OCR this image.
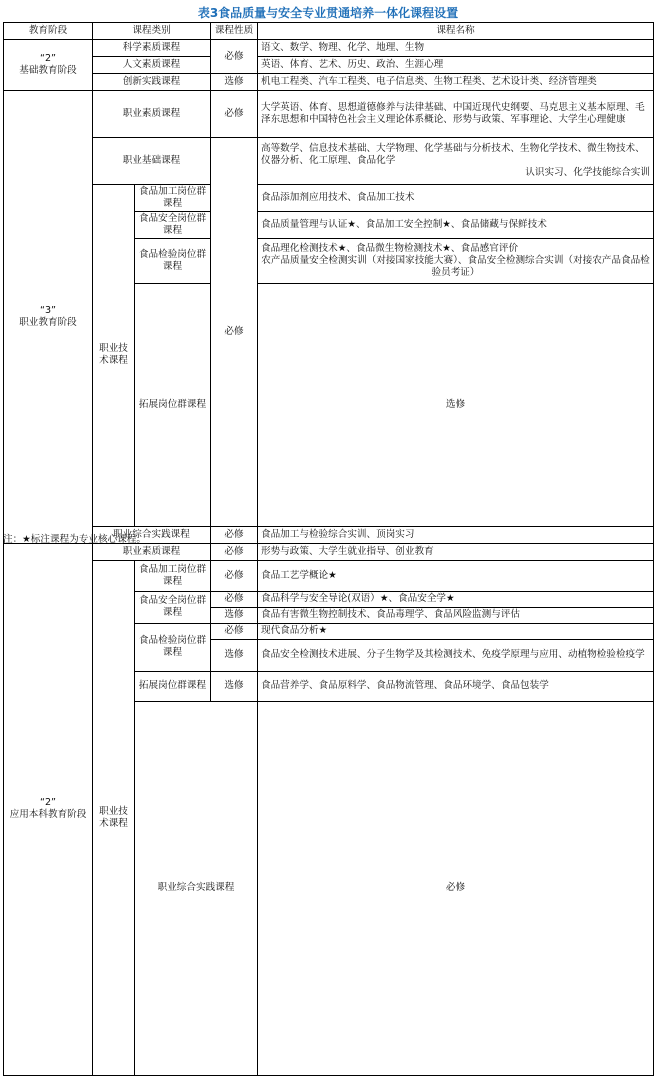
表3食品质量与安全专业贯通培养一体化课程设置
教育阶段	课程类别		课程性质	课程名称	

“2”
基础教育阶段	科学素质课程		必修	语文、数学、物理、化学、地理、生物	
	人文素质课程			英语、体育、艺术、历史、政治、生涯心理	
	创新实践课程		选修	机电工程类、汽车工程类、电子信息类、生物工程类、艺术设计类、经济管理类	

“3”
职业教育阶段	职业素质课程		必修	大学英语、体育、思想道德修养与法律基础、中国近现代史纲要、马克思主义基本原理、毛泽东思想和中国特色社会主义理论体系概论、形势与政策、军事理论、大学生心理健康	
	职业基础课程		必修	高等数学、信息技术基础、大学物理、化学基础与分析技术、生物化学技术、微生物技术、仪器分析、化工原理、食品化学
认识实习、化学技能综合实训	

	职业技术课程	食品加工岗位群课程		食品添加剂应用技术、食品加工技术	
		食品安全岗位群课程		食品质量管理与认证★、食品加工安全控制★、食品储藏与保鲜技术	
		食品检验岗位群课程		食品理化检测技术★、食品微生物检测技术★、食品感官评价
农产品质量安全检测实训（对接国家技能大赛）、食品安全检测综合实训（对接农产品食品检验员考证）	

		拓展岗位群课程		选修	
	职业综合实践课程		必修	食品加工与检验综合实训、顶岗实习	

“2”
应用本科教育阶段	职业素质课程		必修	形势与政策、大学生就业指导、创业教育	
	职业技术课程	食品加工岗位群课程	必修	食品工艺学概论★	
		食品安全岗位群课程	必修	食品科学与安全导论(双语）★、食品安全学★	
			选修	食品有害微生物控制技术、食品毒理学、食品风险监测与评估	
		食品检验岗位群课程	必修	现代食品分析★	
			选修	食品安全检测技术进展、分子生物学及其检测技术、免疫学原理与应用、动植物检验检疫学	
		拓展岗位群课程	选修	食品营养学、食品原料学、食品物流管理、食品环境学、食品包装学	
		职业综合实践课程		必修	
注：★标注课程为专业核心课程。
